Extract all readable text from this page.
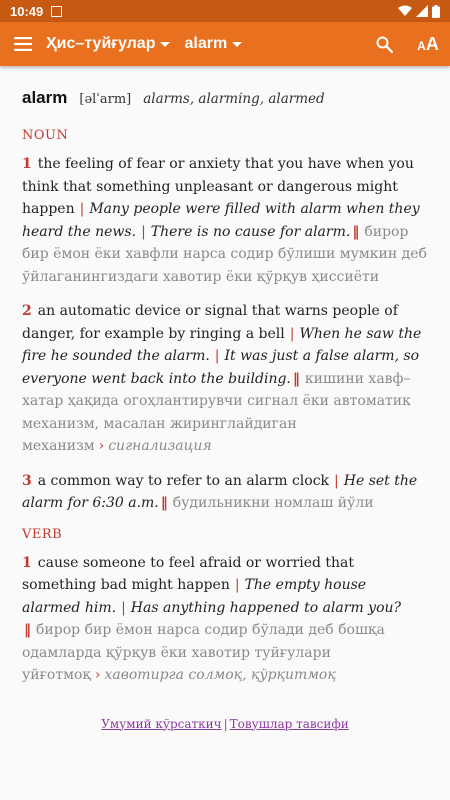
10:49
Ҳис–туйғулар alarm	AA
alarm [əlˈarm] alarms, alarming, alarmed
NOUN
1 the feeling of fear or anxiety that you have when you think that something unpleasant or dangerous might happen | Many people were filled with alarm when they heard the news. | There is no cause for alarm. ‖ бирор бир ёмон ёки хавфли нарса содир бўлиши мумкин деб ўйлаганингиздаги хавотир ёки қўрқув ҳиссиёти
2 an automatic device or signal that warns people of danger, for example by ringing a bell | When he saw the fire he sounded the alarm. | It was just a false alarm, so everyone went back into the building. ‖ кишини хавф–хатар ҳақида огоҳлантирувчи сигнал ёки автоматик механизм, масалан жиринглайдиган механизм › сигнализация
3 a common way to refer to an alarm clock | He set the alarm for 6:30 a.m. ‖ будильникни номлаш йўли
VERB
1 cause someone to feel afraid or worried that something bad might happen | The empty house alarmed him. | Has anything happened to alarm you?‖ бирор бир ёмон нарса содир бўлади деб бошқа одамларда қўрқув ёки хавотир туйғулари уйғотмоқ › хавотирга солмоқ, қўрқитмоқ
Умумий кўрсаткич | Товушлар тавсифи
